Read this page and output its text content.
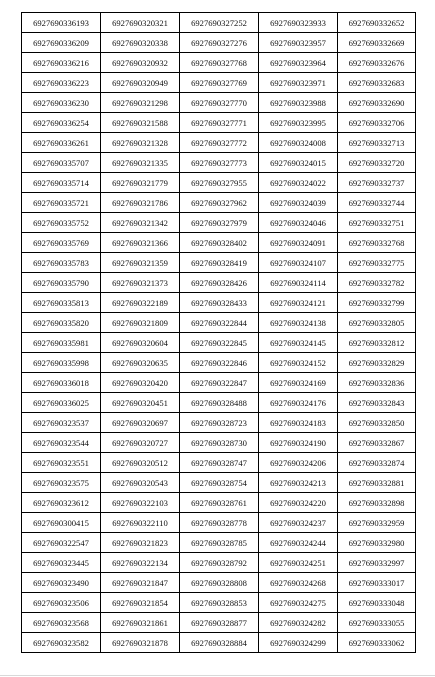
6927690336193	6927690320321	6927690327252	6927690323933	6927690332652
6927690336209	6927690320338	6927690327276	6927690323957	6927690332669
6927690336216	6927690320932	6927690327768	6927690323964	6927690332676
6927690336223	6927690320949	6927690327769	6927690323971	6927690332683
6927690336230	6927690321298	6927690327770	6927690323988	6927690332690
6927690336254	6927690321588	6927690327771	6927690323995	6927690332706
6927690336261	6927690321328	6927690327772	6927690324008	6927690332713
6927690335707	6927690321335	6927690327773	6927690324015	6927690332720
6927690335714	6927690321779	6927690327955	6927690324022	6927690332737
6927690335721	6927690321786	6927690327962	6927690324039	6927690332744
6927690335752	6927690321342	6927690327979	6927690324046	6927690332751
6927690335769	6927690321366	6927690328402	6927690324091	6927690332768
6927690335783	6927690321359	6927690328419	6927690324107	6927690332775
6927690335790	6927690321373	6927690328426	6927690324114	6927690332782
6927690335813	6927690322189	6927690328433	6927690324121	6927690332799
6927690335820	6927690321809	6927690322844	6927690324138	6927690332805
6927690335981	6927690320604	6927690322845	6927690324145	6927690332812
6927690335998	6927690320635	6927690322846	6927690324152	6927690332829
6927690336018	6927690320420	6927690322847	6927690324169	6927690332836
6927690336025	6927690320451	6927690328488	6927690324176	6927690332843
6927690323537	6927690320697	6927690328723	6927690324183	6927690332850
6927690323544	6927690320727	6927690328730	6927690324190	6927690332867
6927690323551	6927690320512	6927690328747	6927690324206	6927690332874
6927690323575	6927690320543	6927690328754	6927690324213	6927690332881
6927690323612	6927690322103	6927690328761	6927690324220	6927690332898
6927690300415	6927690322110	6927690328778	6927690324237	6927690332959
6927690322547	6927690321823	6927690328785	6927690324244	6927690332980
6927690323445	6927690322134	6927690328792	6927690324251	6927690332997
6927690323490	6927690321847	6927690328808	6927690324268	6927690333017
6927690323506	6927690321854	6927690328853	6927690324275	6927690333048
6927690323568	6927690321861	6927690328877	6927690324282	6927690333055
6927690323582	6927690321878	6927690328884	6927690324299	6927690333062
